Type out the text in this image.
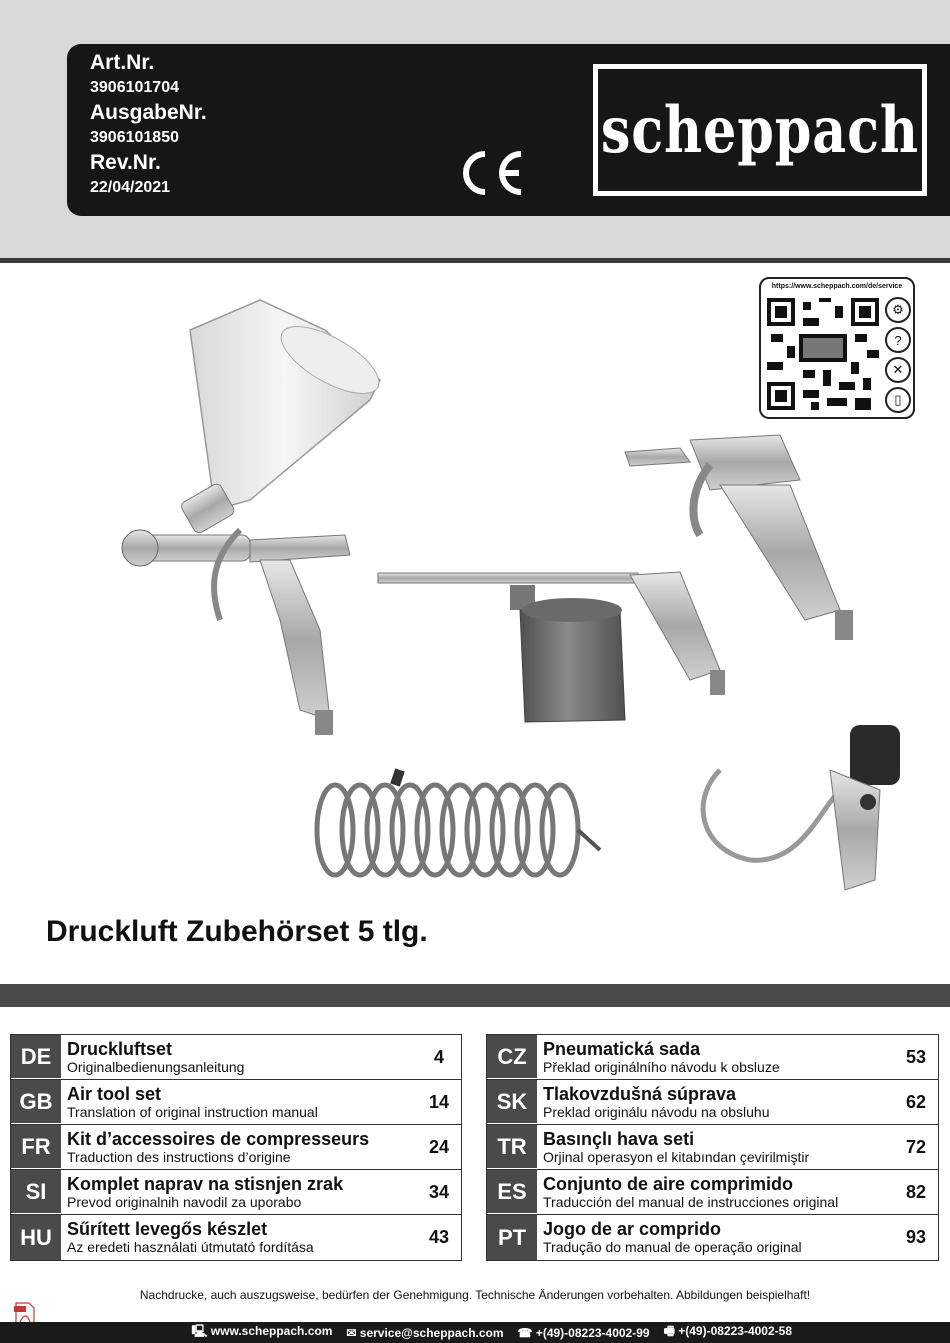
Art.Nr.
3906101704
AusgabeNr.
3906101850
Rev.Nr.
22/04/2021
scheppach
https://www.scheppach.com/de/service
⚙
?
✕
▯
Druckluft Zubehörset 5 tlg.
DE Druckluftset
Originalbedienungsanleitung	4
GB Air tool set
Translation of original instruction manual	14
FR Kit d’accessoires de compresseurs
Traduction des instructions d’origine	24
SI	Komplet naprav na stisnjen zrak
Prevod originalnih navodil za uporabo	34
HU Sűrített levegős készlet
Az eredeti használati útmutató fordítása	43
CZ Pneumatická sada
Překlad originálního návodu k obsluze	53
SK Tlakovzdušná súprava
Preklad originálu návodu na obsluhu	62
TR Basınçlı hava seti
Orjinal operasyon el kitabından çevirilmiştir	72
ES Conjunto de aire comprimido
Traducción del manual de instrucciones original	82
PT Jogo de ar comprido
Tradução do manual de operação original	93
Nachdrucke, auch auszugsweise, bedürfen der Genehmigung. Technische Änderungen vorbehalten. Abbildungen beispielhaft!
🖳 www.scheppach.com ✉ service@scheppach.com ☎ +(49)-08223-4002-99 🖷 +(49)-08223-4002-58
